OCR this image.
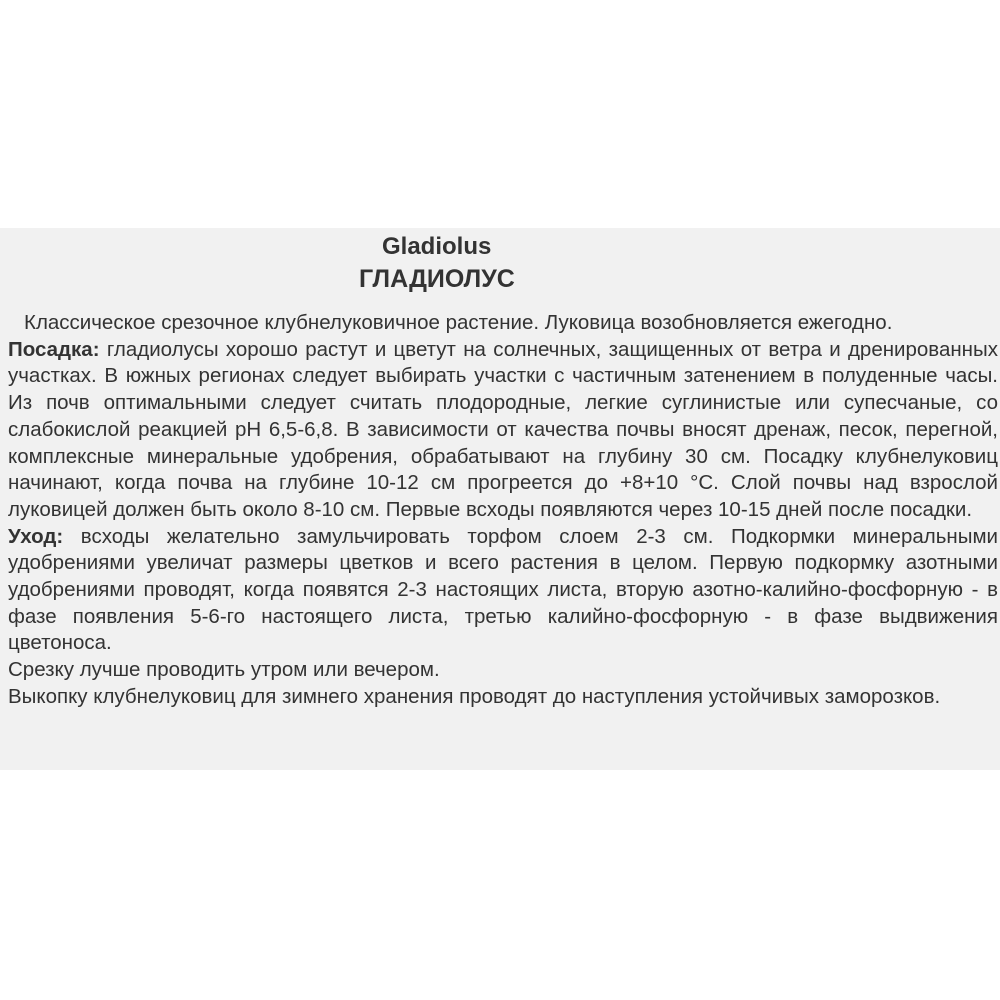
Gladiolus
ГЛАДИОЛУС

Классическое срезочное клубнелуковичное растение. Луковица возобновляется ежегодно.

Посадка: гладиолусы хорошо растут и цветут на солнечных, защищенных от ветра и дренированных участках. В южных регионах следует выбирать участки с частичным затенением в полуденные часы. Из почв оптимальными следует считать плодородные, легкие суглинистые или супесчаные, со слабокислой реакцией рН 6,5-6,8. В зависимости от качества почвы вносят дренаж, песок, перегной, комплексные минеральные удобрения, обрабатывают на глубину 30 см. Посадку клубнелуковиц начинают, когда почва на глубине 10-12 см прогреется до +8+10 °С. Слой почвы над взрослой луковицей должен быть около 8-10 см. Первые всходы появляются через 10-15 дней после посадки.

Уход: всходы желательно замульчировать торфом слоем 2-3 см. Подкормки минеральными удобрениями увеличат размеры цветков и всего растения в целом. Первую подкормку азотными удобрениями проводят, когда появятся 2-3 настоящих листа, вторую азотно-калийно-фосфорную - в фазе появления 5-6-го настоящего листа, третью калийно-фосфорную - в фазе выдвижения цветоноса.

Срезку лучше проводить утром или вечером.

Выкопку клубнелуковиц для зимнего хранения проводят до наступления устойчивых заморозков.
